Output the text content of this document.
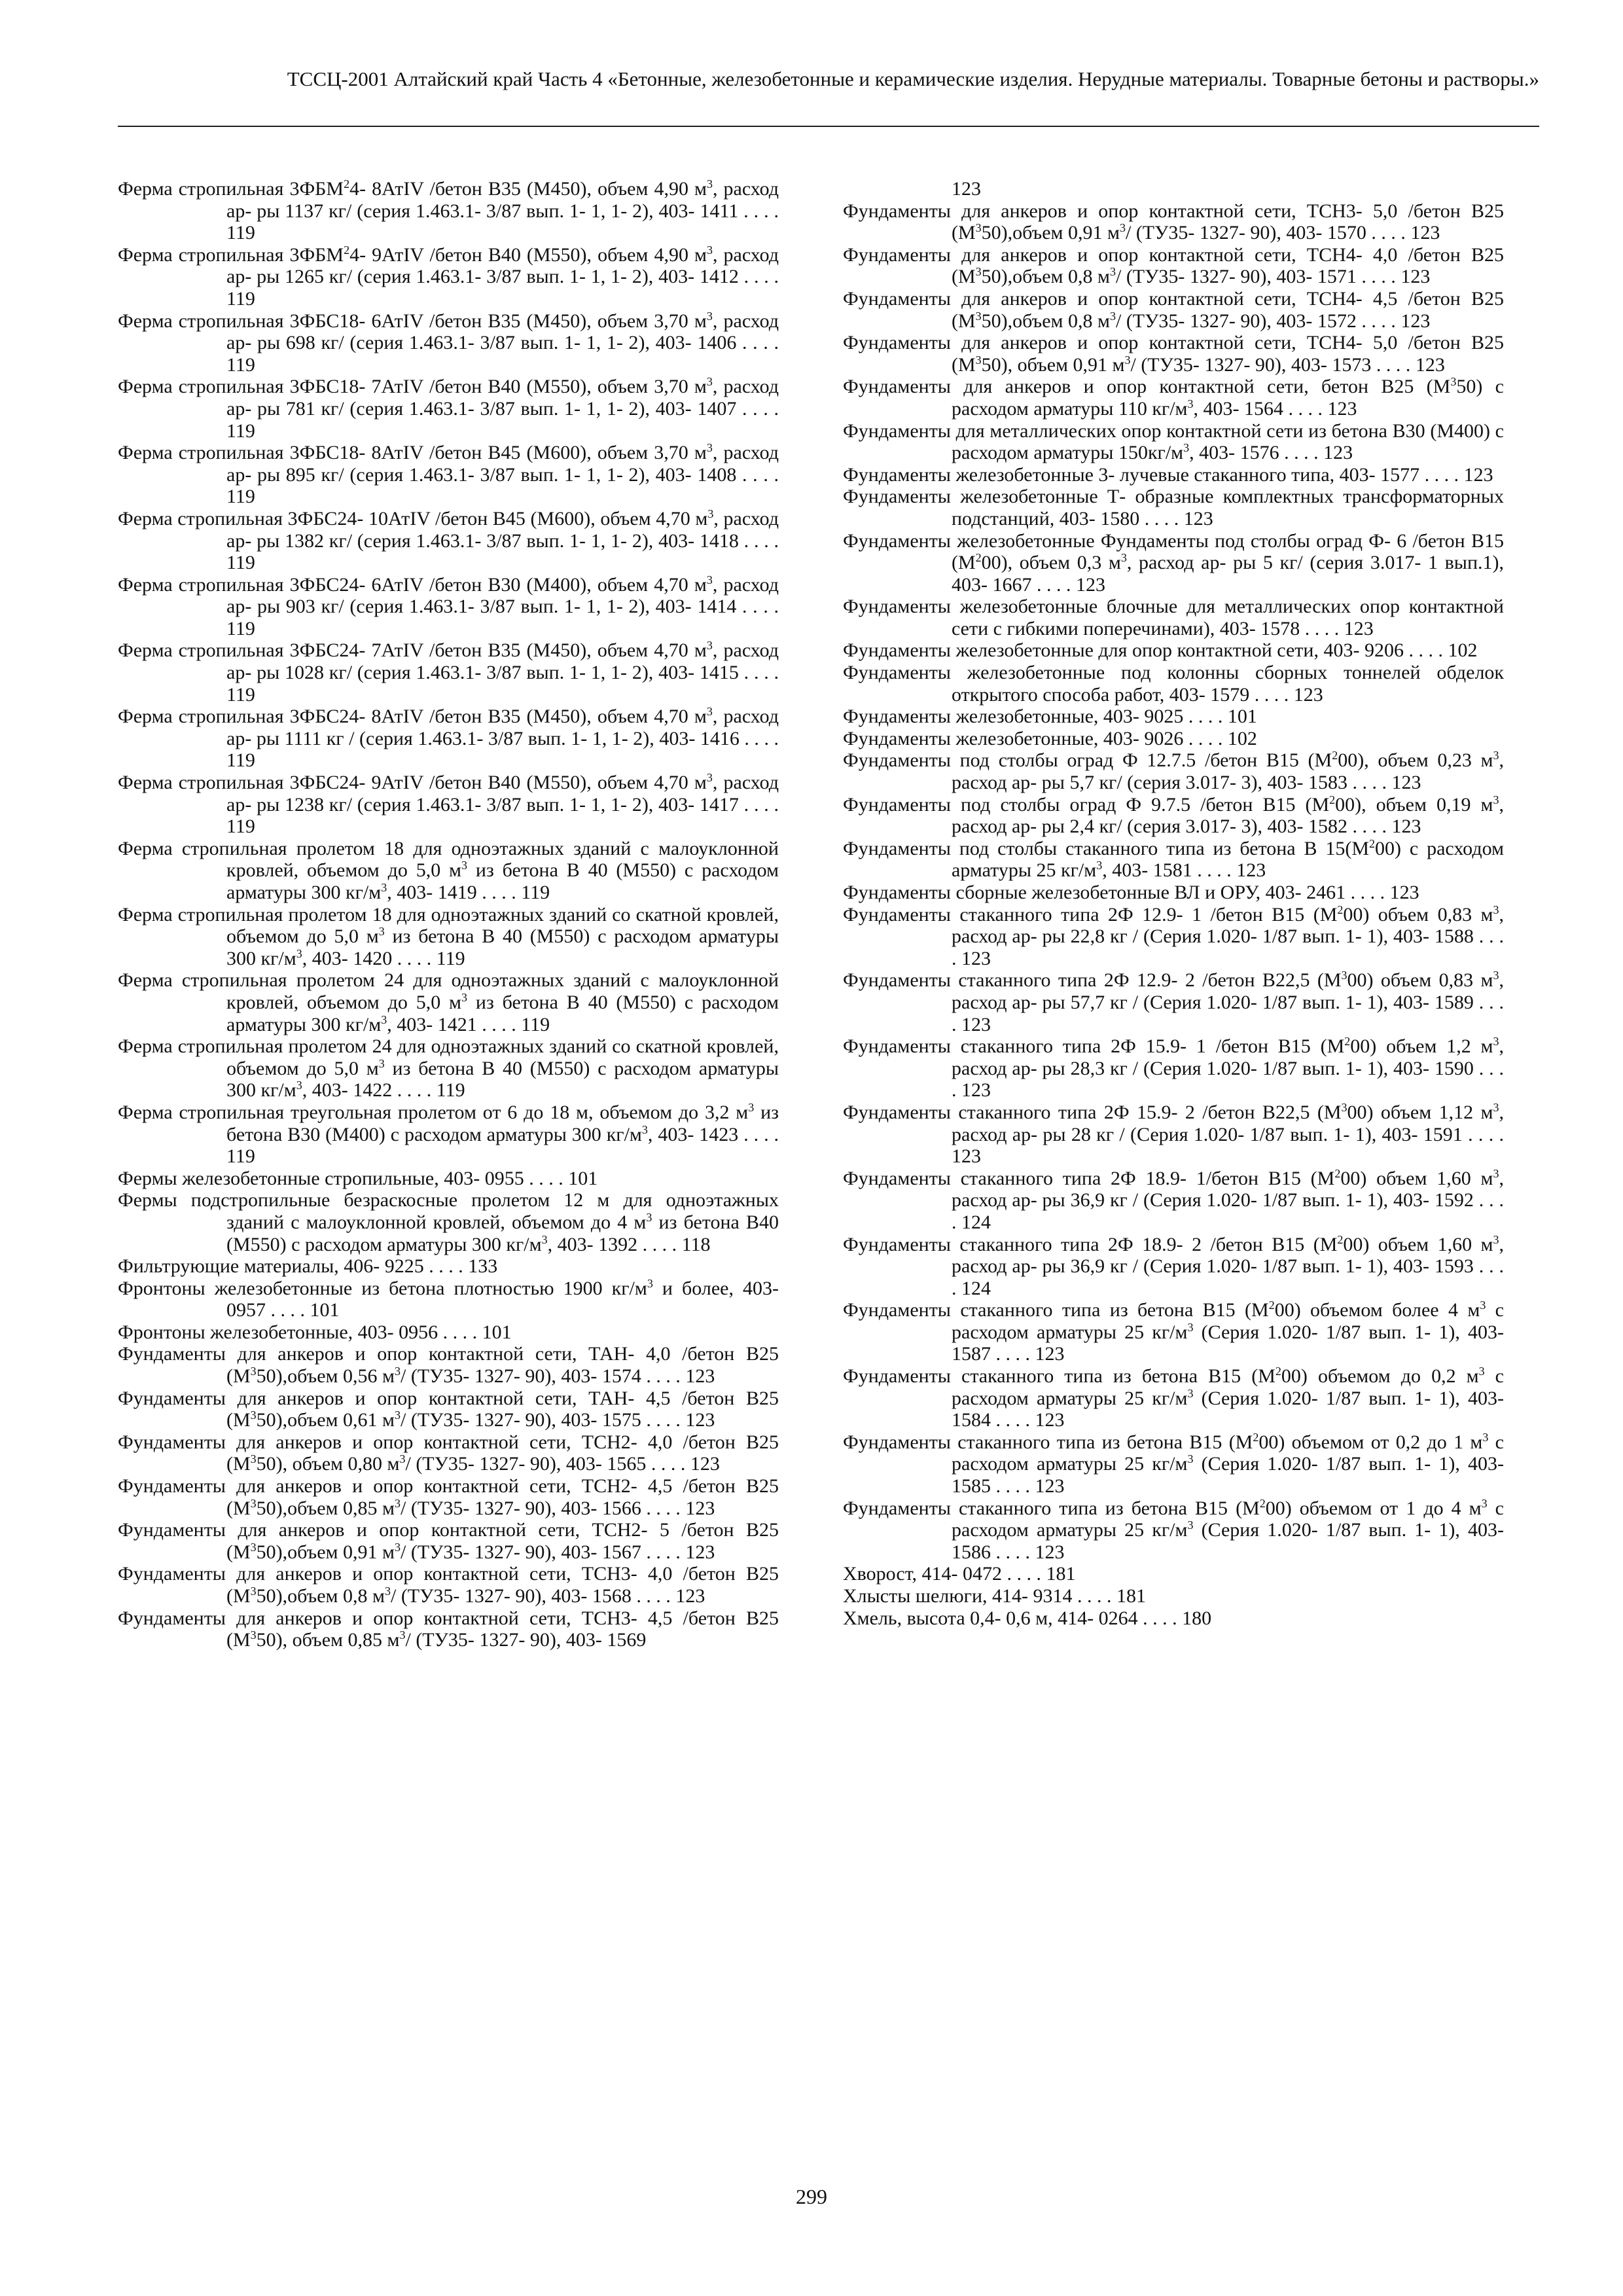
ТССЦ-2001 Алтайский край Часть 4 «Бетонные, железобетонные и керамические изделия. Нерудные материалы. Товарные бетоны и растворы.»
Ферма стропильная 3ФБМ$^2$4- 8АтIV /бетон В35 (М450), объем 4,90 $м^3$, расход ар- ры 1137 кг/ (серия 1.463.1- 3/87 вып. 1- 1, 1- 2), 403- 1411 . . . . 119
Ферма стропильная 3ФБМ$^2$4- 9АтIV /бетон В40 (М550), объем 4,90 $м^3$, расход ар- ры 1265 кг/ (серия 1.463.1- 3/87 вып. 1- 1, 1- 2), 403- 1412 . . . . 119
Ферма стропильная 3ФБС18- 6АтIV /бетон В35 (М450), объем 3,70 $м^3$, расход ар- ры 698 кг/ (серия 1.463.1- 3/87 вып. 1- 1, 1- 2), 403- 1406 . . . . 119
Ферма стропильная 3ФБС18- 7АтIV /бетон В40 (М550), объем 3,70 $м^3$, расход ар- ры 781 кг/ (серия 1.463.1- 3/87 вып. 1- 1, 1- 2), 403- 1407 . . . . 119
Ферма стропильная 3ФБС18- 8АтIV /бетон В45 (М600), объем 3,70 $м^3$, расход ар- ры 895 кг/ (серия 1.463.1- 3/87 вып. 1- 1, 1- 2), 403- 1408 . . . . 119
Ферма стропильная 3ФБС24- 10АтIV /бетон В45 (М600), объем 4,70 $м^3$, расход ар- ры 1382 кг/ (серия 1.463.1- 3/87 вып. 1- 1, 1- 2), 403- 1418 . . . . 119
Ферма стропильная 3ФБС24- 6АтIV /бетон В30 (М400), объем 4,70 $м^3$, расход ар- ры 903 кг/ (серия 1.463.1- 3/87 вып. 1- 1, 1- 2), 403- 1414 . . . . 119
Ферма стропильная 3ФБС24- 7АтIV /бетон В35 (М450), объем 4,70 $м^3$, расход ар- ры 1028 кг/ (серия 1.463.1- 3/87 вып. 1- 1, 1- 2), 403- 1415 . . . . 119
Ферма стропильная 3ФБС24- 8АтIV /бетон В35 (М450), объем 4,70 $м^3$, расход ар- ры 1111 кг / (серия 1.463.1- 3/87 вып. 1- 1, 1- 2), 403- 1416 . . . . 119
Ферма стропильная 3ФБС24- 9АтIV /бетон В40 (М550), объем 4,70 $м^3$, расход ар- ры 1238 кг/ (серия 1.463.1- 3/87 вып. 1- 1, 1- 2), 403- 1417 . . . . 119
Ферма стропильная пролетом 18 для одноэтажных зданий с малоуклонной кровлей, объемом до 5,0 $м^3$ из бетона В 40 (М550) с расходом арматуры 300 $кг/м^3$, 403- 1419 . . . . 119
Ферма стропильная пролетом 18 для одноэтажных зданий со скатной кровлей, объемом до 5,0 $м^3$ из бетона В 40 (М550) с расходом арматуры 300 $кг/м^3$, 403- 1420 . . . . 119
Ферма стропильная пролетом 24 для одноэтажных зданий с малоуклонной кровлей, объемом до 5,0 $м^3$ из бетона В 40 (М550) с расходом арматуры 300 $кг/м^3$, 403- 1421 . . . . 119
Ферма стропильная пролетом 24 для одноэтажных зданий со скатной кровлей, объемом до 5,0 $м^3$ из бетона В 40 (М550) с расходом арматуры 300 $кг/м^3$, 403- 1422 . . . . 119
Ферма стропильная треугольная пролетом от 6 до 18 м, объемом до 3,2 $м^3$ из бетона В30 (М400) с расходом арматуры 300 $кг/м^3$, 403- 1423 . . . . 119
Фермы железобетонные стропильные, 403- 0955 . . . . 101
Фермы подстропильные безраскосные пролетом 12 м для одноэтажных зданий с малоуклонной кровлей, объемом до 4 $м^3$ из бетона В40 (М550) с расходом арматуры 300 $кг/м^3$, 403- 1392 . . . . 118
Фильтрующие материалы, 406- 9225 . . . . 133
Фронтоны железобетонные из бетона плотностью 1900 $кг/м^3$ и более, 403- 0957 . . . . 101
Фронтоны железобетонные, 403- 0956 . . . . 101
Фундаменты для анкеров и опор контактной сети, ТАН- 4,0 /бетон В25 $(М^350),объем$ 0,56 $м^3/$ (ТУ35- 1327- 90), 403- 1574 . . . . 123
Фундаменты для анкеров и опор контактной сети, ТАН- 4,5 /бетон В25 $(М^350),объем$ 0,61 $м^3/$ (ТУ35- 1327- 90), 403- 1575 . . . . 123
Фундаменты для анкеров и опор контактной сети, ТСН2- 4,0 /бетон В25 $(М^350)$, объем 0,80 $м^3/$ (ТУ35- 1327- 90), 403- 1565 . . . . 123
Фундаменты для анкеров и опор контактной сети, ТСН2- 4,5 /бетон В25 $(М^350),объем$ 0,85 $м^3/$ (ТУ35- 1327- 90), 403- 1566 . . . . 123
Фундаменты для анкеров и опор контактной сети, ТСН2- 5 /бетон В25 $(М^350),объем$ 0,91 $м^3/$ (ТУ35- 1327- 90), 403- 1567 . . . . 123
Фундаменты для анкеров и опор контактной сети, ТСН3- 4,0 /бетон В25 $(М^350),объем$ 0,8 $м^3/$ (ТУ35- 1327- 90), 403- 1568 . . . . 123
Фундаменты для анкеров и опор контактной сети, ТСН3- 4,5 /бетон В25 $(М^350)$, объем 0,85 $м^3/$ (ТУ35- 1327- 90), 403- 1569
123
Фундаменты для анкеров и опор контактной сети, ТСН3- 5,0 /бетон В25 $(М^350),объем$ 0,91 $м^3/$ (ТУ35- 1327- 90), 403- 1570 . . . . 123
Фундаменты для анкеров и опор контактной сети, ТСН4- 4,0 /бетон В25 $(М^350),объем$ 0,8 $м^3/$ (ТУ35- 1327- 90), 403- 1571 . . . . 123
Фундаменты для анкеров и опор контактной сети, ТСН4- 4,5 /бетон В25 $(М^350),объем$ 0,8 $м^3/$ (ТУ35- 1327- 90), 403- 1572 . . . . 123
Фундаменты для анкеров и опор контактной сети, ТСН4- 5,0 /бетон В25 $(М^350)$, объем 0,91 $м^3/$ (ТУ35- 1327- 90), 403- 1573 . . . . 123
Фундаменты для анкеров и опор контактной сети, бетон В25 $(М^350)$ с расходом арматуры 110 $кг/м^3$, 403- 1564 . . . . 123
Фундаменты для металлических опор контактной сети из бетона В30 (М400) с расходом арматуры $150кг/м^3$, 403- 1576 . . . . 123
Фундаменты железобетонные 3- лучевые стаканного типа, 403- 1577 . . . . 123
Фундаменты железобетонные Т- образные комплектных трансформаторных подстанций, 403- 1580 . . . . 123
Фундаменты железобетонные Фундаменты под столбы оград Ф- 6 /бетон В15 $(М^200)$, объем 0,3 $м^3$, расход ар- ры 5 кг/ (серия 3.017- 1 вып.1), 403- 1667 . . . . 123
Фундаменты железобетонные блочные для металлических опор контактной сети с гибкими поперечинами), 403- 1578 . . . . 123
Фундаменты железобетонные для опор контактной сети, 403- 9206 . . . . 102
Фундаменты железобетонные под колонны сборных тоннелей обделок открытого способа работ, 403- 1579 . . . . 123
Фундаменты железобетонные, 403- 9025 . . . . 101
Фундаменты железобетонные, 403- 9026 . . . . 102
Фундаменты под столбы оград Ф 12.7.5 /бетон В15 $(М^200)$, объем 0,23 $м^3$, расход ар- ры 5,7 кг/ (серия 3.017- 3), 403- 1583 . . . . 123
Фундаменты под столбы оград Ф 9.7.5 /бетон В15 $(М^200)$, объем 0,19 $м^3$, расход ар- ры 2,4 кг/ (серия 3.017- 3), 403- 1582 . . . . 123
Фундаменты под столбы стаканного типа из бетона В $15(М^200)$ с расходом арматуры 25 $кг/м^3$, 403- 1581 . . . . 123
Фундаменты сборные железобетонные ВЛ и ОРУ, 403- 2461 . . . . 123
Фундаменты стаканного типа 2Ф 12.9- 1 /бетон В15 $(М^200)$ объем 0,83 $м^3$, расход ар- ры 22,8 кг / (Серия 1.020- 1/87 вып. 1- 1), 403- 1588 . . . . 123
Фундаменты стаканного типа 2Ф 12.9- 2 /бетон В22,5 $(М^300)$ объем 0,83 $м^3$, расход ар- ры 57,7 кг / (Серия 1.020- 1/87 вып. 1- 1), 403- 1589 . . . . 123
Фундаменты стаканного типа 2Ф 15.9- 1 /бетон В15 $(М^200)$ объем 1,2 $м^3$, расход ар- ры 28,3 кг / (Серия 1.020- 1/87 вып. 1- 1), 403- 1590 . . . . 123
Фундаменты стаканного типа 2Ф 15.9- 2 /бетон В22,5 $(М^300)$ объем 1,12 $м^3$, расход ар- ры 28 кг / (Серия 1.020- 1/87 вып. 1- 1), 403- 1591 . . . . 123
Фундаменты стаканного типа 2Ф 18.9- 1/бетон В15 $(М^200)$ объем 1,60 $м^3$, расход ар- ры 36,9 кг / (Серия 1.020- 1/87 вып. 1- 1), 403- 1592 . . . . 124
Фундаменты стаканного типа 2Ф 18.9- 2 /бетон В15 $(М^200)$ объем 1,60 $м^3$, расход ар- ры 36,9 кг / (Серия 1.020- 1/87 вып. 1- 1), 403- 1593 . . . . 124
Фундаменты стаканного типа из бетона В15 $(М^200)$ объемом более 4 $м^3$ с расходом арматуры 25 $кг/м^3$ (Серия 1.020- 1/87 вып. 1- 1), 403- 1587 . . . . 123
Фундаменты стаканного типа из бетона В15 $(М^200)$ объемом до 0,2 $м^3$ с расходом арматуры 25 $кг/м^3$ (Серия 1.020- 1/87 вып. 1- 1), 403- 1584 . . . . 123
Фундаменты стаканного типа из бетона В15 $(М^200)$ объемом от 0,2 до 1 $м^3$ с расходом арматуры 25 $кг/м^3$ (Серия 1.020- 1/87 вып. 1- 1), 403- 1585 . . . . 123
Фундаменты стаканного типа из бетона В15 $(М^200)$ объемом от 1 до 4 $м^3$ с расходом арматуры 25 $кг/м^3$ (Серия 1.020- 1/87 вып. 1- 1), 403- 1586 . . . . 123
Хворост, 414- 0472 . . . . 181
Хлысты шелюги, 414- 9314 . . . . 181
Хмель, высота 0,4- 0,6 м, 414- 0264 . . . . 180
299
